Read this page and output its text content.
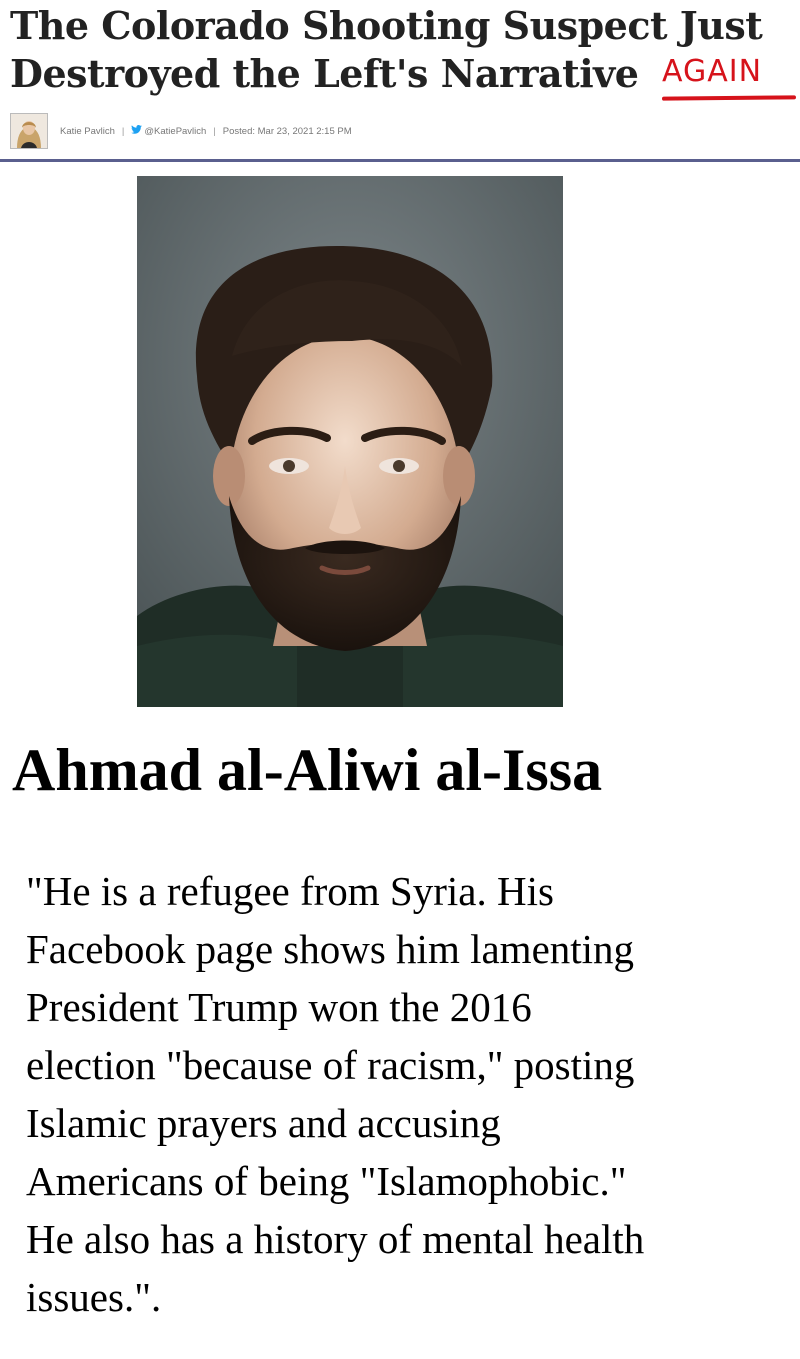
The Colorado Shooting Suspect Just
Destroyed the Left's Narrative AGAIN
Katie Pavlich | @KatiePavlich | Posted: Mar 23, 2021 2:15 PM
Ahmad al-Aliwi al-Issa

"He is a refugee from Syria. His
Facebook page shows him lamenting
President Trump won the 2016
election "because of racism," posting
Islamic prayers and accusing
Americans of being "Islamophobic."
He also has a history of mental health
issues.".
